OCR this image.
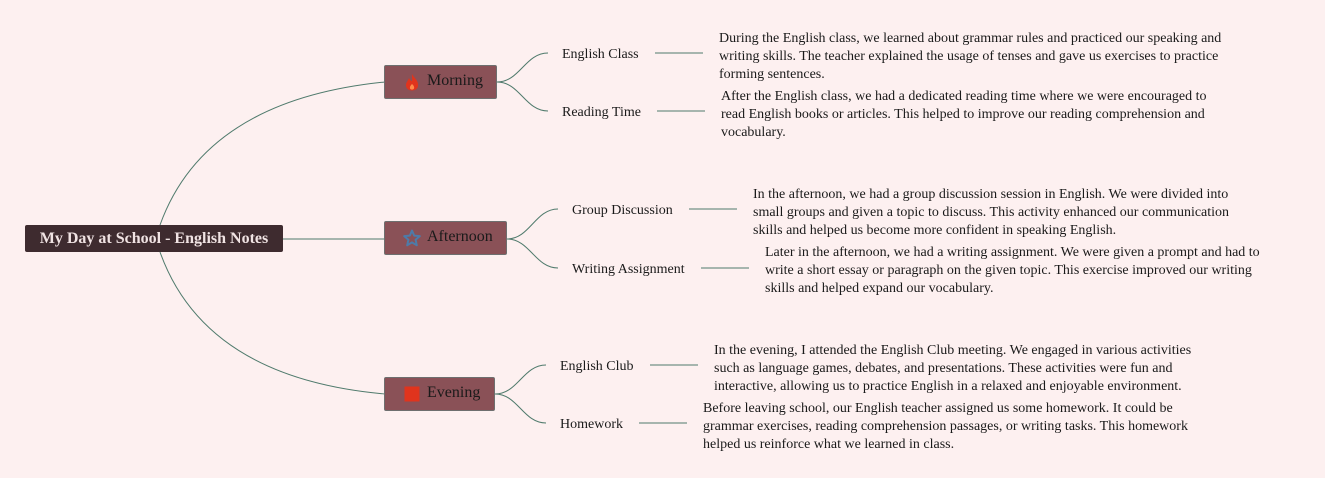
My Day at School - English Notes
Morning
English Class
During the English class, we learned about grammar rules and practiced our speaking and writing skills. The teacher explained the usage of tenses and gave us exercises to practice forming sentences.
Reading Time
After the English class, we had a dedicated reading time where we were encouraged to read English books or articles. This helped to improve our reading comprehension and vocabulary.
Afternoon
Group Discussion
In the afternoon, we had a group discussion session in English. We were divided into small groups and given a topic to discuss. This activity enhanced our communication skills and helped us become more confident in speaking English.
Writing Assignment
Later in the afternoon, we had a writing assignment. We were given a prompt and had to write a short essay or paragraph on the given topic. This exercise improved our writing skills and helped expand our vocabulary.
Evening
English Club
In the evening, I attended the English Club meeting. We engaged in various activities such as language games, debates, and presentations. These activities were fun and interactive, allowing us to practice English in a relaxed and enjoyable environment.
Homework
Before leaving school, our English teacher assigned us some homework. It could be grammar exercises, reading comprehension passages, or writing tasks. This homework helped us reinforce what we learned in class.
